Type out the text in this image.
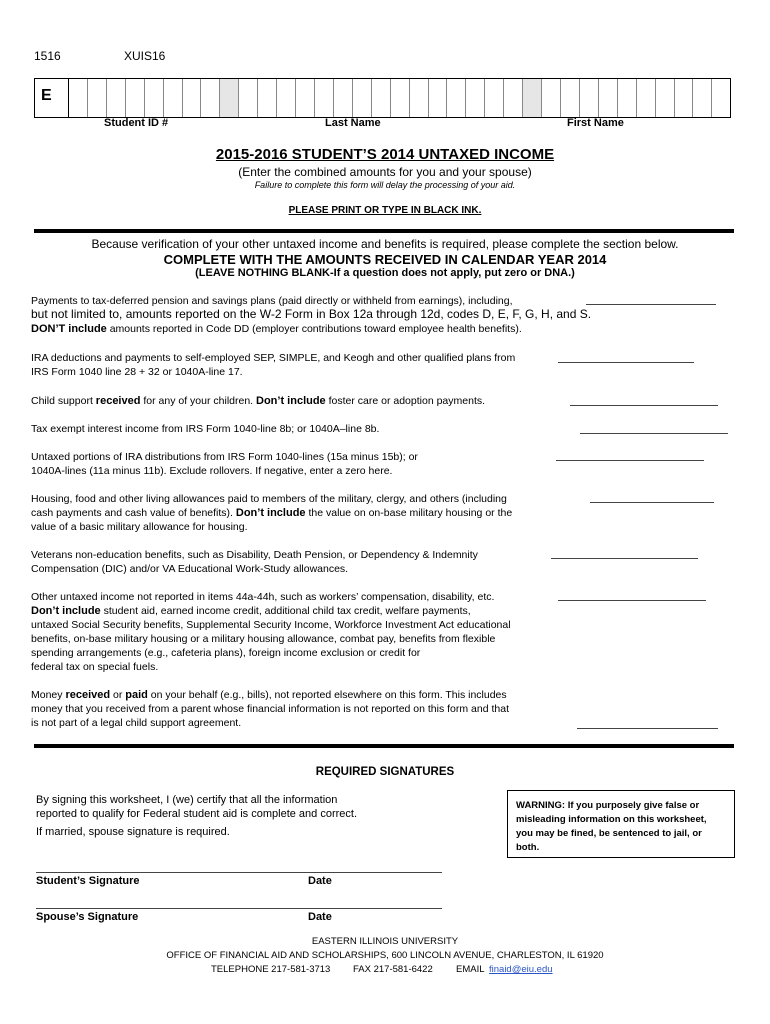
1516	XUIS16
E
Student ID #	Last Name	First Name
2015-2016 STUDENT’S 2014 UNTAXED INCOME
(Enter the combined amounts for you and your spouse)
Failure to complete this form will delay the processing of your aid.
PLEASE PRINT OR TYPE IN BLACK INK.
Because verification of your other untaxed income and benefits is required, please complete the section below.
COMPLETE WITH THE AMOUNTS RECEIVED IN CALENDAR YEAR 2014
(LEAVE NOTHING BLANK-If a question does not apply, put zero or DNA.)
Payments to tax-deferred pension and savings plans (paid directly or withheld from earnings), including,
but not limited to, amounts reported on the W-2 Form in Box 12a through 12d, codes D, E, F, G, H, and S.
DON’T include amounts reported in Code DD (employer contributions toward employee health benefits).
IRA deductions and payments to self-employed SEP, SIMPLE, and Keogh and other qualified plans from
IRS Form 1040 line 28 + 32 or 1040A-line 17.
Child support received for any of your children. Don’t include foster care or adoption payments.
Tax exempt interest income from IRS Form 1040-line 8b; or 1040A–line 8b.
Untaxed portions of IRA distributions from IRS Form 1040-lines (15a minus 15b); or
1040A-lines (11a minus 11b). Exclude rollovers. If negative, enter a zero here.
Housing, food and other living allowances paid to members of the military, clergy, and others (including
cash payments and cash value of benefits). Don’t include the value on on-base military housing or the
value of a basic military allowance for housing.
Veterans non-education benefits, such as Disability, Death Pension, or Dependency & Indemnity
Compensation (DIC) and/or VA Educational Work-Study allowances.
Other untaxed income not reported in items 44a-44h, such as workers’ compensation, disability, etc.
Don’t include student aid, earned income credit, additional child tax credit, welfare payments,
untaxed Social Security benefits, Supplemental Security Income, Workforce Investment Act educational
benefits, on-base military housing or a military housing allowance, combat pay, benefits from flexible
spending arrangements (e.g., cafeteria plans), foreign income exclusion or credit for
federal tax on special fuels.
Money received or paid on your behalf (e.g., bills), not reported elsewhere on this form. This includes
money that you received from a parent whose financial information is not reported on this form and that
is not part of a legal child support agreement.
REQUIRED SIGNATURES
By signing this worksheet, I (we) certify that all the information
reported to qualify for Federal student aid is complete and correct.
If married, spouse signature is required.
WARNING: If you purposely give false or misleading information on this worksheet, you may be fined, be sentenced to jail, or both.
Student’s Signature	Date
Spouse’s Signature	Date
EASTERN ILLINOIS UNIVERSITY
OFFICE OF FINANCIAL AID AND SCHOLARSHIPS, 600 LINCOLN AVENUE, CHARLESTON, IL 61920
TELEPHONE 217-581-3713 FAX 217-581-6422 EMAIL finaid@eiu.edu
